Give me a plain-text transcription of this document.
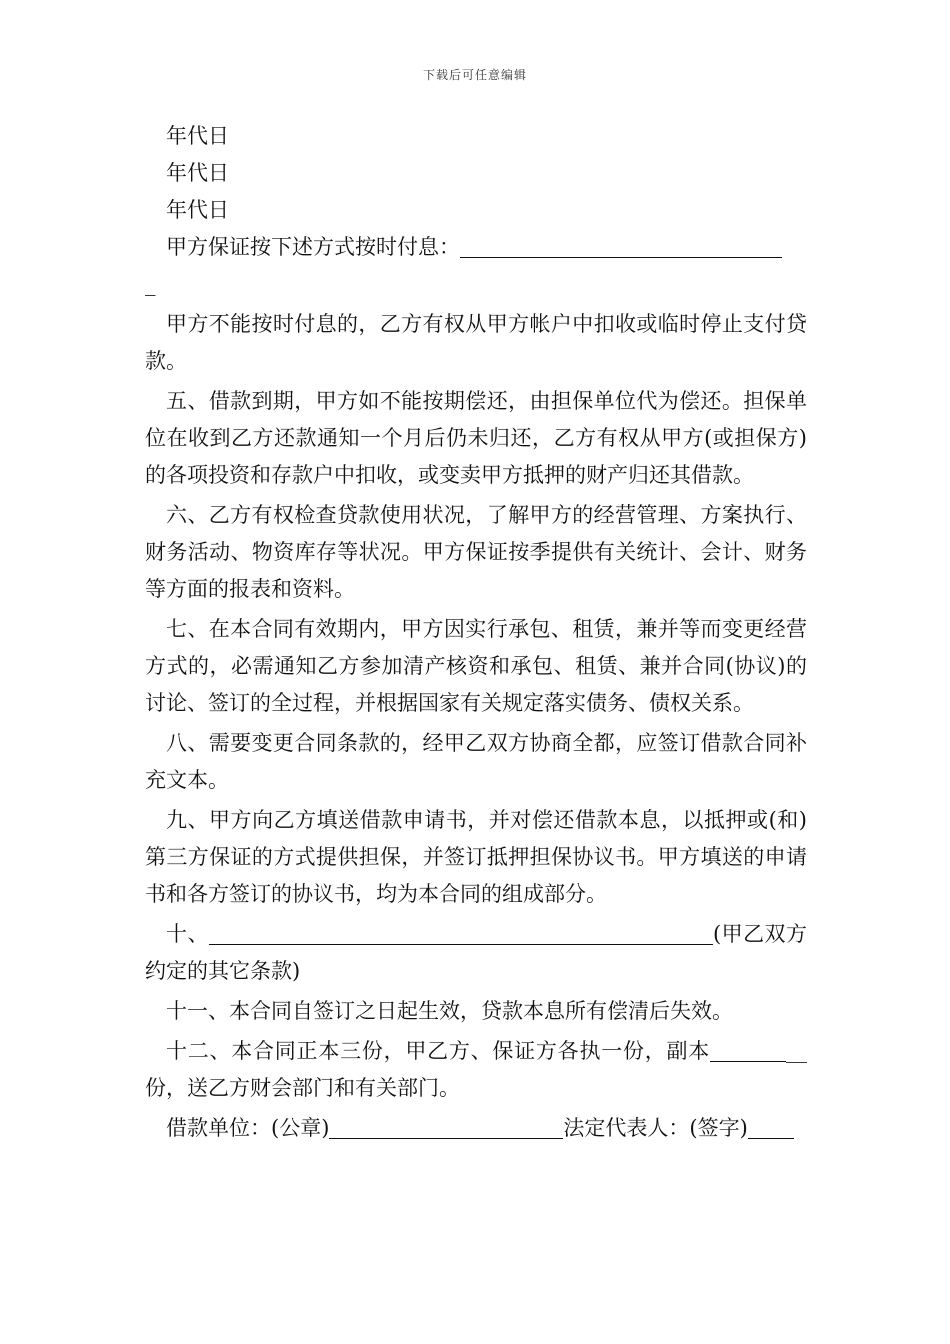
下载后可任意编辑

年代日

年代日

年代日

甲方保证按下述方式按时付息：

_

甲方不能按时付息的，乙方有权从甲方帐户中扣收或临时停止支付贷款。

五、借款到期，甲方如不能按期偿还，由担保单位代为偿还。担保单位在收到乙方还款通知一个月后仍未归还，乙方有权从甲方(或担保方)的各项投资和存款户中扣收，或变卖甲方抵押的财产归还其借款。

六、乙方有权检查贷款使用状况，了解甲方的经营管理、方案执行、财务活动、物资库存等状况。甲方保证按季提供有关统计、会计、财务等方面的报表和资料。

七、在本合同有效期内，甲方因实行承包、租赁，兼并等而变更经营方式的，必需通知乙方参加清产核资和承包、租赁、兼并合同(协议)的讨论、签订的全过程，并根据国家有关规定落实债务、债权关系。

八、需要变更合同条款的，经甲乙双方协商全都，应签订借款合同补充文本。

九、甲方向乙方填送借款申请书，并对偿还借款本息，以抵押或(和)第三方保证的方式提供担保，并签订抵押担保协议书。甲方填送的申请书和各方签订的协议书，均为本合同的组成部分。

十、	(甲乙双方约定的其它条款)

十一、本合同自签订之日起生效，贷款本息所有偿清后失效。

十二、本合同正本三份，甲乙方、保证方各执一份，副本	__份，送乙方财会部门和有关部门。

借款单位：(公章)	法定代表人：(签字)
